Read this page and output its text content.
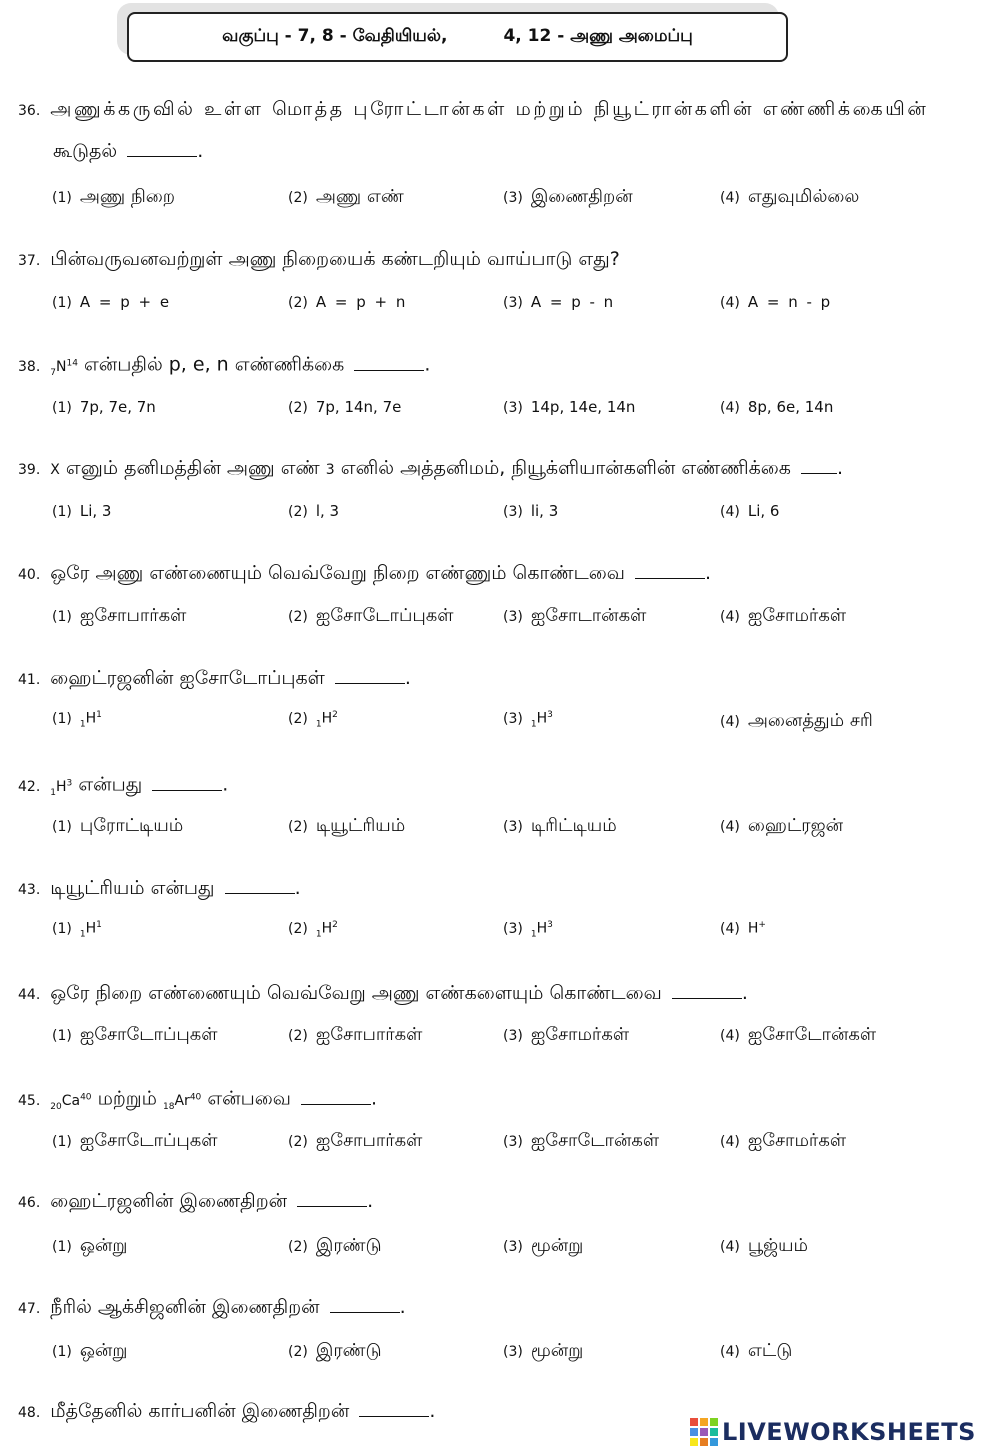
வகுப்பு - 7, 8 - வேதியியல்,	4, 12 - அணு அமைப்பு
36. அணுக்கருவில் உள்ள மொத்த புரோட்டான்கள் மற்றும் நியூட்ரான்களின் எண்ணிக்கையின்
கூடுதல்	.
(1) அணு நிறை	(2) அணு எண்	(3) இணைதிறன்	(4) எதுவுமில்லை
37. பின்வருவனவற்றுள் அணு நிறையைக் கண்டறியும் வாய்பாடு எது?
(1) A = p + e	(2) A = p + n	(3) A = p - n	(4) A = n - p
38. $_7N^{14}$ என்பதில் p, e, n எண்ணிக்கை	.
(1) 7p, 7e, 7n	(2) 7p, 14n, 7e	(3) 14p, 14e, 14n	(4) 8p, 6e, 14n
39. X எனும் தனிமத்தின் அணு எண் 3 எனில் அத்தனிமம், நியூக்ளியான்களின் எண்ணிக்கை .
(1) Li, 3	(2) l, 3	(3) li, 3	(4) Li, 6
40. ஒரே அணு எண்ணையும் வெவ்வேறு நிறை எண்ணும் கொண்டவை	.
(1) ஐசோபார்கள்	(2) ஐசோடோப்புகள்	(3) ஐசோடான்கள்	(4) ஐசோமர்கள்
41. ஹைட்ரஜனின் ஐசோடோப்புகள்	.
(1) $_1H^1$	(2) $_1H^2$	(3) $_1H^3$	(4) அனைத்தும் சரி
42. $_1H^3$ என்பது	.
(1) புரோட்டியம்	(2) டியூட்ரியம்	(3) டிரிட்டியம்	(4) ஹைட்ரஜன்
43. டியூட்ரியம் என்பது	.
(1) $_1H^1$	(2) $_1H^2$	(3) $_1H^3$	(4) H+
44. ஒரே நிறை எண்ணையும் வெவ்வேறு அணு எண்களையும் கொண்டவை	.
(1) ஐசோடோப்புகள்	(2) ஐசோபார்கள்	(3) ஐசோமர்கள்	(4) ஐசோடோன்கள்
45. $_{20}Ca^{40}$ மற்றும் $_{18}Ar^{40}$ என்பவை	.
(1) ஐசோடோப்புகள்	(2) ஐசோபார்கள்	(3) ஐசோடோன்கள்	(4) ஐசோமர்கள்
46. ஹைட்ரஜனின் இணைதிறன்	.
(1) ஒன்று	(2) இரண்டு	(3) மூன்று	(4) பூஜ்யம்
47. நீரில் ஆக்சிஜனின் இணைதிறன்	.
(1) ஒன்று	(2) இரண்டு	(3) மூன்று	(4) எட்டு
48. மீத்தேனில் கார்பனின் இணைதிறன்	.
LIVEWORKSHEETS
